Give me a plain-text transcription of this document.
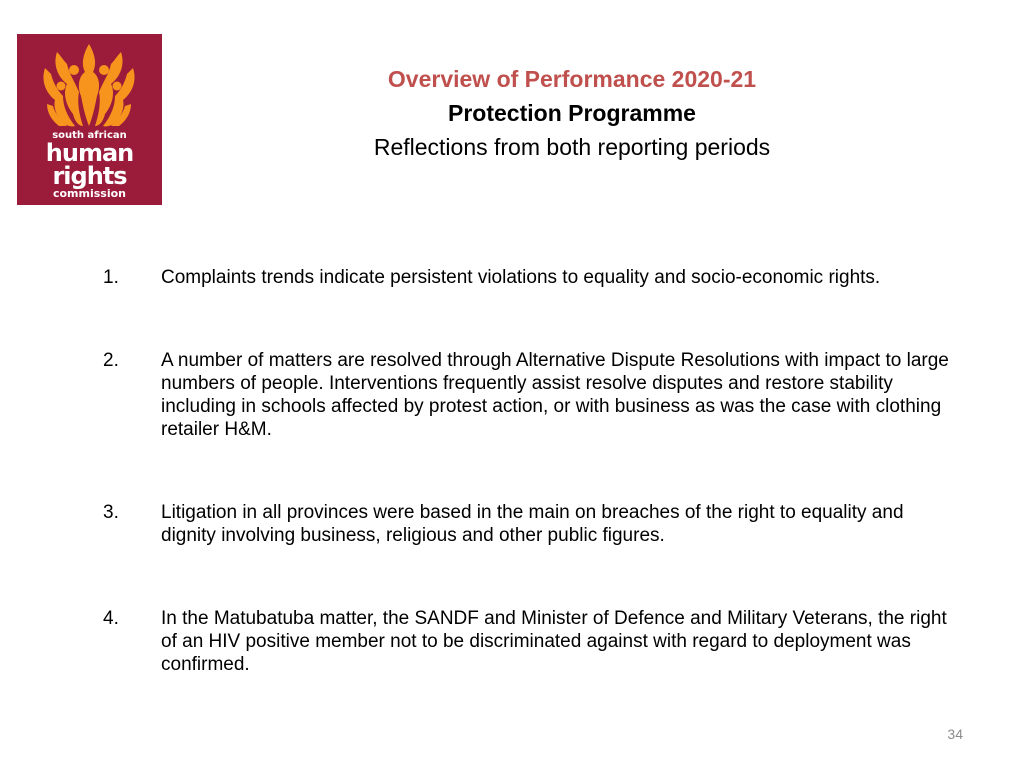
south african
human
rights
commission
Overview of Performance 2020-21
Protection Programme
Reflections from both reporting periods
1. Complaints trends indicate persistent violations to equality and socio-economic rights.
2. A number of matters are resolved through Alternative Dispute Resolutions with impact to large numbers of people. Interventions frequently assist resolve disputes and restore stability including in schools affected by protest action, or with business as was the case with clothing retailer H&M.
3. Litigation in all provinces were based in the main on breaches of the right to equality and dignity involving business, religious and other public figures.
4. In the Matubatuba matter, the SANDF and Minister of Defence and Military Veterans, the right of an HIV positive member not to be discriminated against with regard to deployment was confirmed.
34
